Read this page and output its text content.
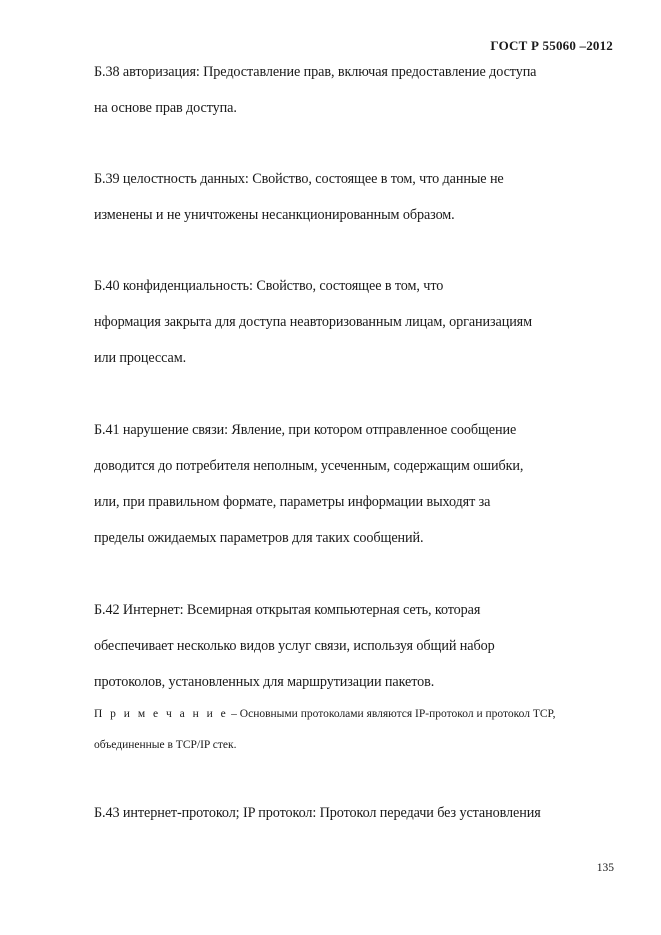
ГОСТ Р 55060 –2012
Б.38 авторизация: Предоставление прав, включая предоставление доступа
на основе прав доступа.
Б.39 целостность данных: Свойство, состоящее в том, что данные не
изменены и не уничтожены несанкционированным образом.
Б.40 конфиденциальность: Свойство, состоящее в том, что
нформация закрыта для доступа неавторизованным лицам, организациям
или процессам.
Б.41 нарушение связи: Явление, при котором отправленное сообщение
доводится до потребителя неполным, усеченным, содержащим ошибки,
или, при правильном формате, параметры информации выходят за
пределы ожидаемых параметров для таких сообщений.
Б.42 Интернет: Всемирная открытая компьютерная сеть, которая
обеспечивает несколько видов услуг связи, используя общий набор
протоколов, установленных для маршрутизации пакетов.
П р и м е ч а н и е – Основными протоколами являются IP-протокол и протокол TCP,
объединенные в TCP/IP стек.
Б.43 интернет-протокол; IP протокол: Протокол передачи без установления
135
